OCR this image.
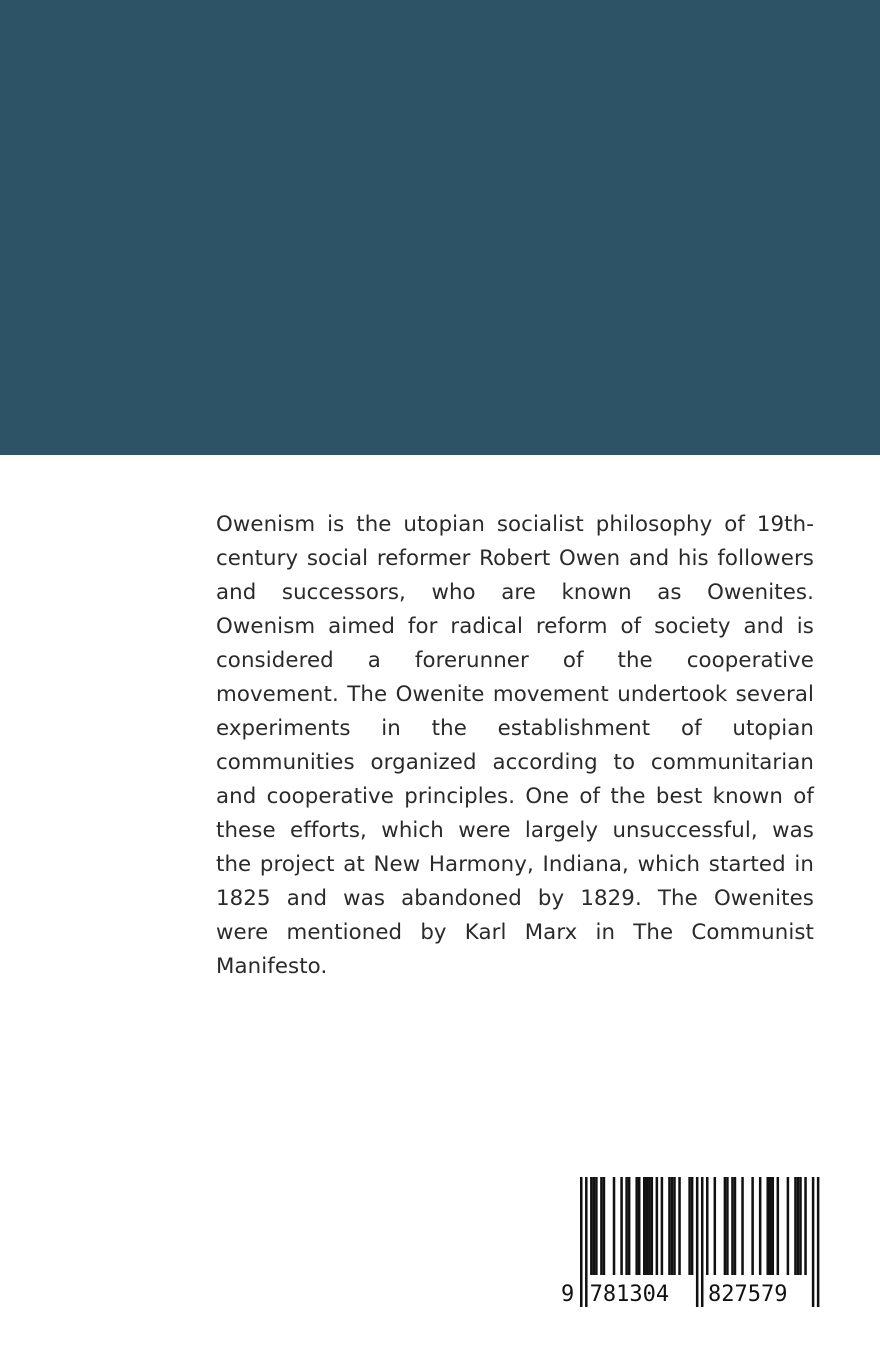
Owenism is the utopian socialist philosophy of 19th-century social reformer Robert Owen and his followers and successors, who are known as Owenites. Owenism aimed for radical reform of society and is considered a forerunner of the cooperative movement. The Owenite movement undertook several experiments in the establishment of utopian communities organized according to communitarian and cooperative principles. One of the best known of these efforts, which were largely unsuccessful, was the project at New Harmony, Indiana, which started in 1825 and was abandoned by 1829. The Owenites were mentioned by Karl Marx in The Communist Manifesto.

9 781304 827579
